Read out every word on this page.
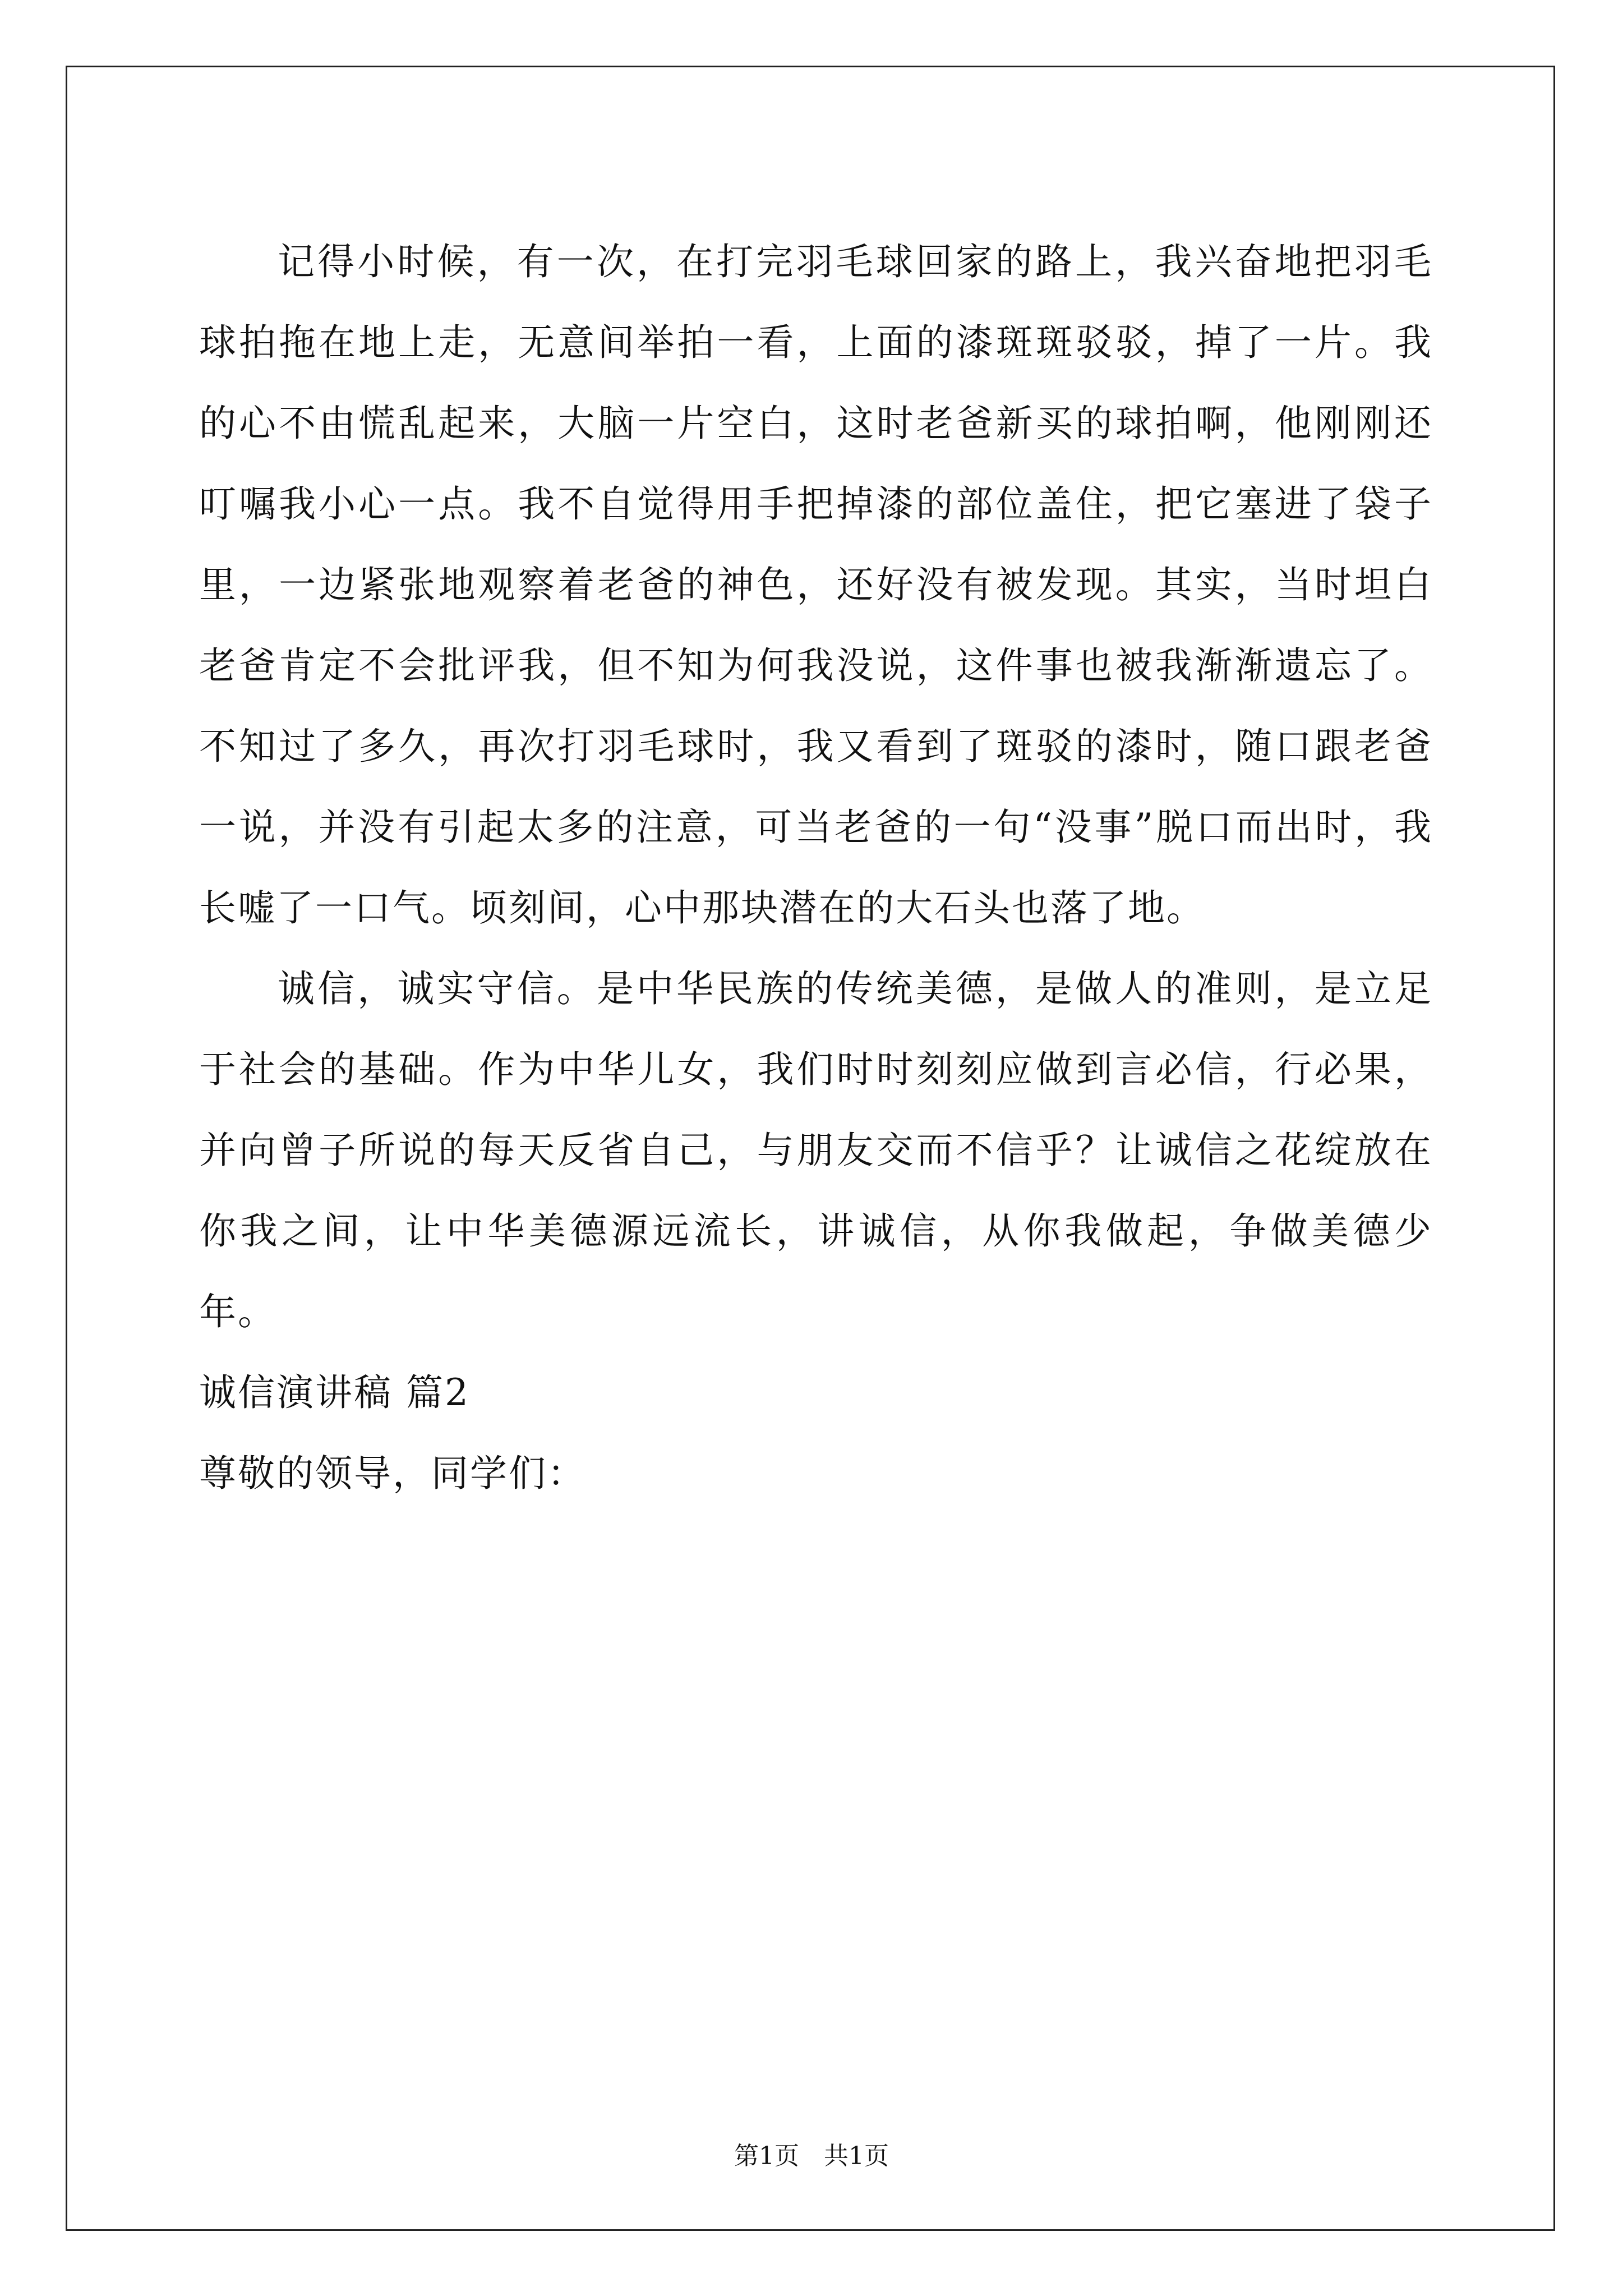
记得小时候，有一次，在打完羽毛球回家的路上，我兴奋地把羽毛球拍拖在地上走，无意间举拍一看，上面的漆斑斑驳驳，掉了一片。我的心不由慌乱起来，大脑一片空白，这时老爸新买的球拍啊，他刚刚还叮嘱我小心一点。我不自觉得用手把掉漆的部位盖住，把它塞进了袋子里，一边紧张地观察着老爸的神色，还好没有被发现。其实，当时坦白老爸肯定不会批评我，但不知为何我没说，这件事也被我渐渐遗忘了。不知过了多久，再次打羽毛球时，我又看到了斑驳的漆时，随口跟老爸一说，并没有引起太多的注意，可当老爸的一句“没事”脱口而出时，我长嘘了一口气。顷刻间，心中那块潜在的大石头也落了地。

诚信，诚实守信。是中华民族的传统美德，是做人的准则，是立足于社会的基础。作为中华儿女，我们时时刻刻应做到言必信，行必果，并向曾子所说的每天反省自己，与朋友交而不信乎？让诚信之花绽放在你我之间，让中华美德源远流长，讲诚信，从你我做起，争做美德少年。

诚信演讲稿 篇2

尊敬的领导，同学们：

第1页 共1页
